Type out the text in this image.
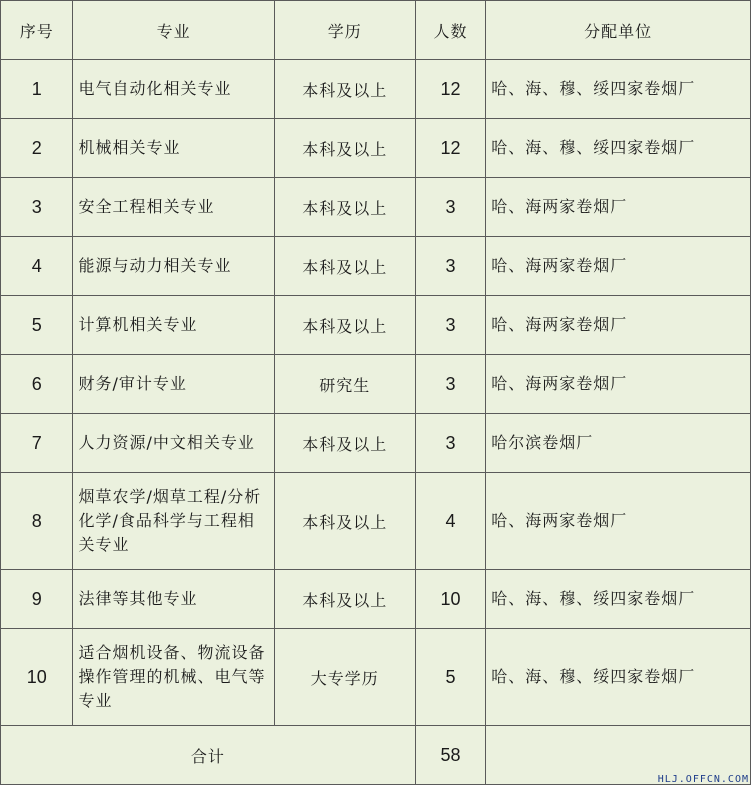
序号	专业	学历	人数	分配单位
1	电气自动化相关专业	本科及以上	12	哈、海、穆、绥四家卷烟厂
2	机械相关专业	本科及以上	12	哈、海、穆、绥四家卷烟厂
3	安全工程相关专业	本科及以上	3	哈、海两家卷烟厂
4	能源与动力相关专业	本科及以上	3	哈、海两家卷烟厂
5	计算机相关专业	本科及以上	3	哈、海两家卷烟厂
6	财务/审计专业	研究生	3	哈、海两家卷烟厂
7	人力资源/中文相关专业	本科及以上	3	哈尔滨卷烟厂
8	烟草农学/烟草工程/分析化学/食品科学与工程相关专业	本科及以上	4	哈、海两家卷烟厂
9	法律等其他专业	本科及以上	10	哈、海、穆、绥四家卷烟厂
10	适合烟机设备、物流设备操作管理的机械、电气等专业	大专学历	5	哈、海、穆、绥四家卷烟厂
合计			58	
HLJ.OFFCN.COM
